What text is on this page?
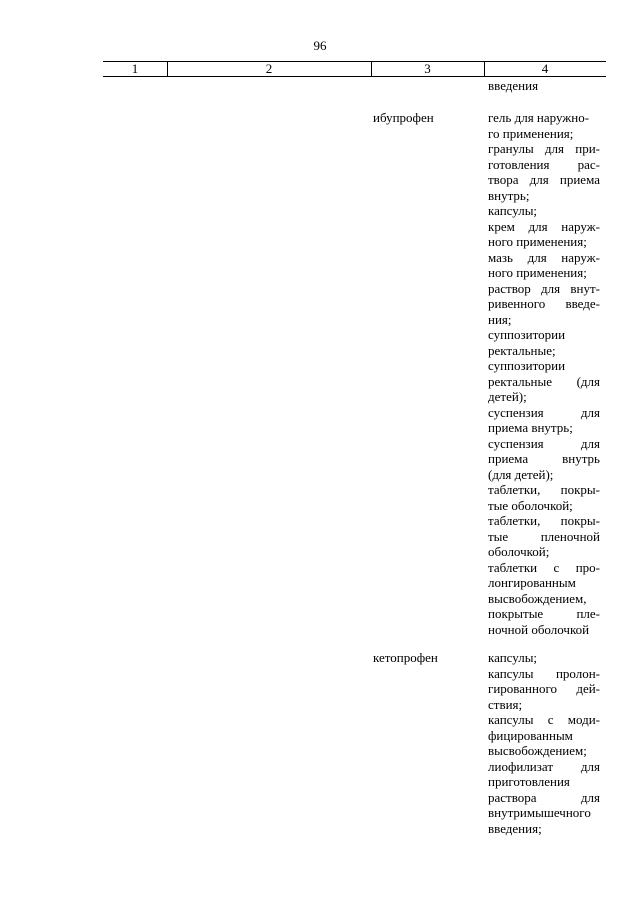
96
1	2	3	4
введения
ибупрофен	гель для наружно-
го применения;
гранулы для при-
готовления рас-
твора для приема
внутрь;
капсулы;
крем для наруж-
ного применения;
мазь для наруж-
ного применения;
раствор для внут-
ривенного введе-
ния;
суппозитории
ректальные;
суппозитории
ректальные (для
детей);
суспензия для
приема внутрь;
суспензия для
приема внутрь
(для детей);
таблетки, покры-
тые оболочкой;
таблетки, покры-
тые пленочной
оболочкой;
таблетки с про-
лонгированным
высвобождением,
покрытые пле-
ночной оболочкой
кетопрофен	капсулы;
капсулы пролон-
гированного дей-
ствия;
капсулы с моди-
фицированным
высвобождением;
лиофилизат для
приготовления
раствора для
внутримышечного
введения;
